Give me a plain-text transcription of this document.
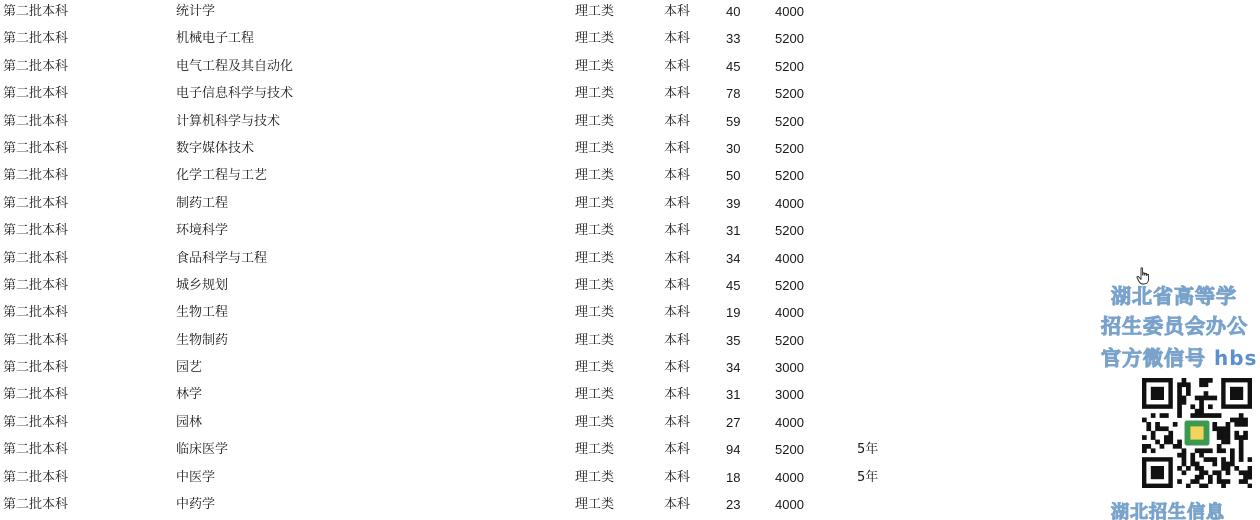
第二批本科	统计学	理工类	本科	40	4000
第二批本科	机械电子工程	理工类	本科	33	5200
第二批本科	电气工程及其自动化	理工类	本科	45	5200
第二批本科	电子信息科学与技术	理工类	本科	78	5200
第二批本科	计算机科学与技术	理工类	本科	59	5200
第二批本科	数字媒体技术	理工类	本科	30	5200
第二批本科	化学工程与工艺	理工类	本科	50	5200
第二批本科	制药工程	理工类	本科	39	4000
第二批本科	环境科学	理工类	本科	31	5200
第二批本科	食品科学与工程	理工类	本科	34	4000
第二批本科	城乡规划	理工类	本科	45	5200
第二批本科	生物工程	理工类	本科	19	4000
第二批本科	生物制药	理工类	本科	35	5200
第二批本科	园艺	理工类	本科	34	3000
第二批本科	林学	理工类	本科	31	3000
第二批本科	园林	理工类	本科	27	4000
第二批本科	临床医学	理工类	本科	94	5200	5年
第二批本科	中医学	理工类	本科	18	4000	5年
第二批本科	中药学	理工类	本科	23	4000
湖北省高等学
招生委员会办公
官方微信号 hbs
湖北招生信息
